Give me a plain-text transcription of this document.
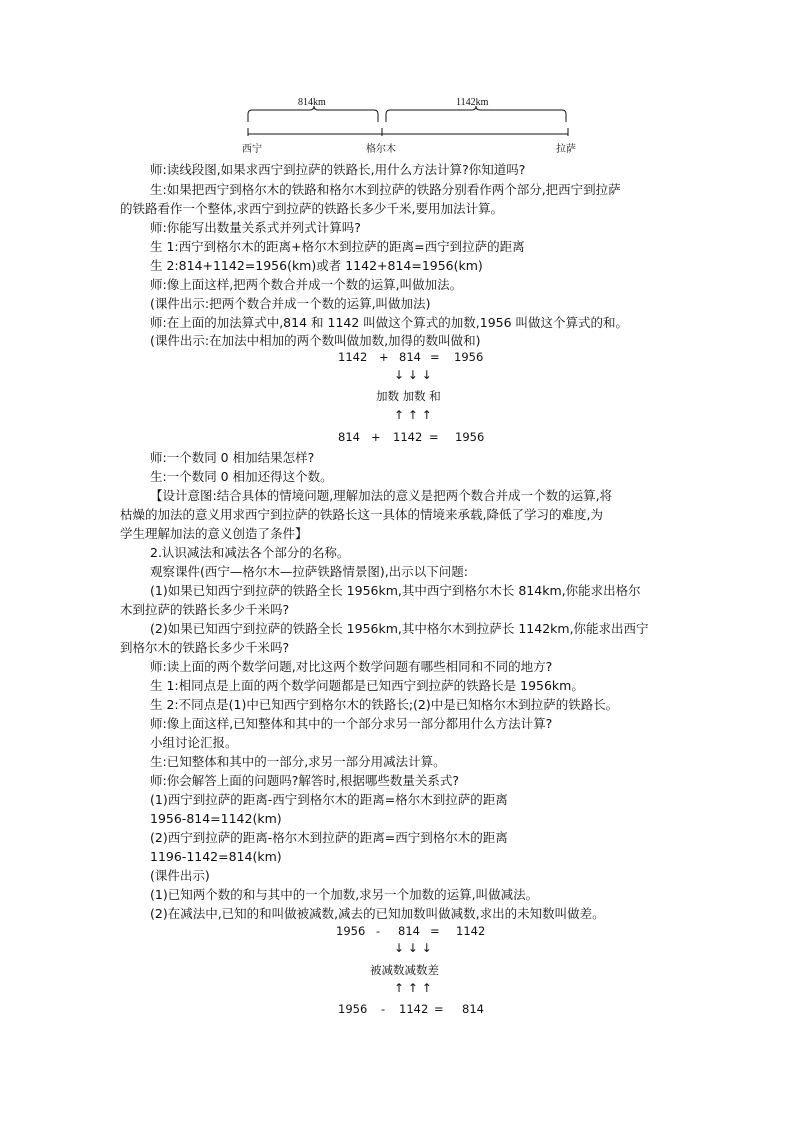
814km	1142km
西宁	格尔木	拉萨
师:读线段图,如果求西宁到拉萨的铁路长,用什么方法计算?你知道吗?
生:如果把西宁到格尔木的铁路和格尔木到拉萨的铁路分别看作两个部分,把西宁到拉萨
的铁路看作一个整体,求西宁到拉萨的铁路长多少千米,要用加法计算。
师:你能写出数量关系式并列式计算吗?
生 1:西宁到格尔木的距离+格尔木到拉萨的距离=西宁到拉萨的距离
生 2:814+1142=1956(km)或者 1142+814=1956(km)
师:像上面这样,把两个数合并成一个数的运算,叫做加法。
(课件出示:把两个数合并成一个数的运算,叫做加法)
师:在上面的加法算式中,814 和 1142 叫做这个算式的加数,1956 叫做这个算式的和。
(课件出示:在加法中相加的两个数叫做加数,加得的数叫做和)
1142 + 814 = 1956
↓ ↓ ↓
加数 加数 和
↑ ↑ ↑
814 + 1142 = 1956
师:一个数同 0 相加结果怎样?
生:一个数同 0 相加还得这个数。
【设计意图:结合具体的情境问题,理解加法的意义是把两个数合并成一个数的运算,将
枯燥的加法的意义用求西宁到拉萨的铁路长这一具体的情境来承载,降低了学习的难度,为
学生理解加法的意义创造了条件】
2.认识减法和减法各个部分的名称。
观察课件(西宁—格尔木—拉萨铁路情景图),出示以下问题:
(1)如果已知西宁到拉萨的铁路全长 1956km,其中西宁到格尔木长 814km,你能求出格尔
木到拉萨的铁路长多少千米吗?
(2)如果已知西宁到拉萨的铁路全长 1956km,其中格尔木到拉萨长 1142km,你能求出西宁
到格尔木的铁路长多少千米吗?
师:读上面的两个数学问题,对比这两个数学问题有哪些相同和不同的地方?
生 1:相同点是上面的两个数学问题都是已知西宁到拉萨的铁路长是 1956km。
生 2:不同点是(1)中已知西宁到格尔木的铁路长;(2)中是已知格尔木到拉萨的铁路长。
师:像上面这样,已知整体和其中的一个部分求另一部分都用什么方法计算?
小组讨论汇报。
生:已知整体和其中的一部分,求另一部分用减法计算。
师:你会解答上面的问题吗?解答时,根据哪些数量关系式?
(1)西宁到拉萨的距离-西宁到格尔木的距离=格尔木到拉萨的距离
1956-814=1142(km)
(2)西宁到拉萨的距离-格尔木到拉萨的距离=西宁到格尔木的距离
1196-1142=814(km)
(课件出示)
(1)已知两个数的和与其中的一个加数,求另一个加数的运算,叫做减法。
(2)在减法中,已知的和叫做被减数,减去的已知加数叫做减数,求出的未知数叫做差。
1956 - 814 = 1142
↓ ↓ ↓
被减数减数差
↑ ↑ ↑
1956 - 1142 = 814
